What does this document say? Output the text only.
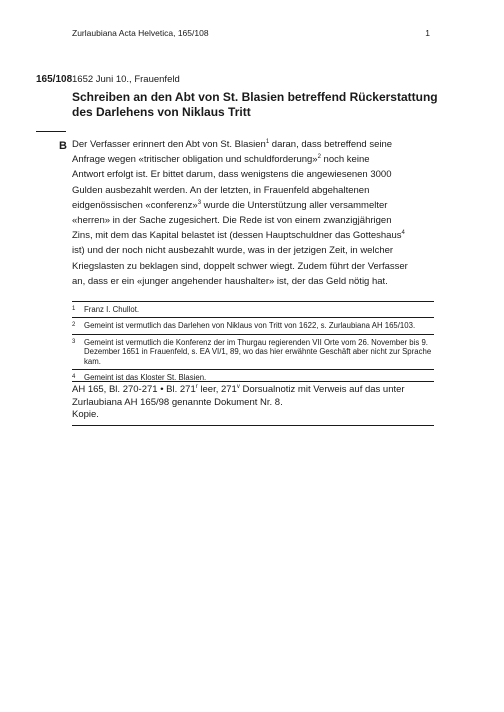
Zurlaubiana Acta Helvetica, 165/108	1
165/108 1652 Juni 10., Frauenfeld
Schreiben an den Abt von St. Blasien betreffend Rückerstattung des Darlehens von Niklaus Tritt
B Der Verfasser erinnert den Abt von St. Blasien$^1$ daran, dass betreffend seine
Anfrage wegen «tritischer obligation und schuldforderung»$^2$ noch keine
Antwort erfolgt ist. Er bittet darum, dass wenigstens die angewiesenen 3000
Gulden ausbezahlt werden. An der letzten, in Frauenfeld abgehaltenen
eidgenössischen «conferenz»$^3$ wurde die Unterstützung aller versammelter
«herren» in der Sache zugesichert. Die Rede ist von einem zwanzigjährigen
Zins, mit dem das Kapital belastet ist (dessen Hauptschuldner das Gotteshaus$^4$
ist) und der noch nicht ausbezahlt wurde, was in der jetzigen Zeit, in welcher
Kriegslasten zu beklagen sind, doppelt schwer wiegt. Zudem führt der Verfasser
an, dass er ein «junger angehender haushalter» ist, der das Geld nötig hat.
1	Franz I. Chullot.
2	Gemeint ist vermutlich das Darlehen von Niklaus von Tritt von 1622, s. Zurlaubiana AH 165/103.
3	Gemeint ist vermutlich die Konferenz der im Thurgau regierenden VII Orte vom 26. November bis 9. Dezember 1651 in Frauenfeld, s. EA VI/1, 89, wo das hier erwähnte Geschäft aber nicht zur Sprache kam.
4	Gemeint ist das Kloster St. Blasien.
AH 165, Bl. 270-271 • Bl. 271$^r$ leer, 271$^v$ Dorsualnotiz mit Verweis auf das unter
Zurlaubiana AH 165/98 genannte Dokument Nr. 8.
Kopie.
